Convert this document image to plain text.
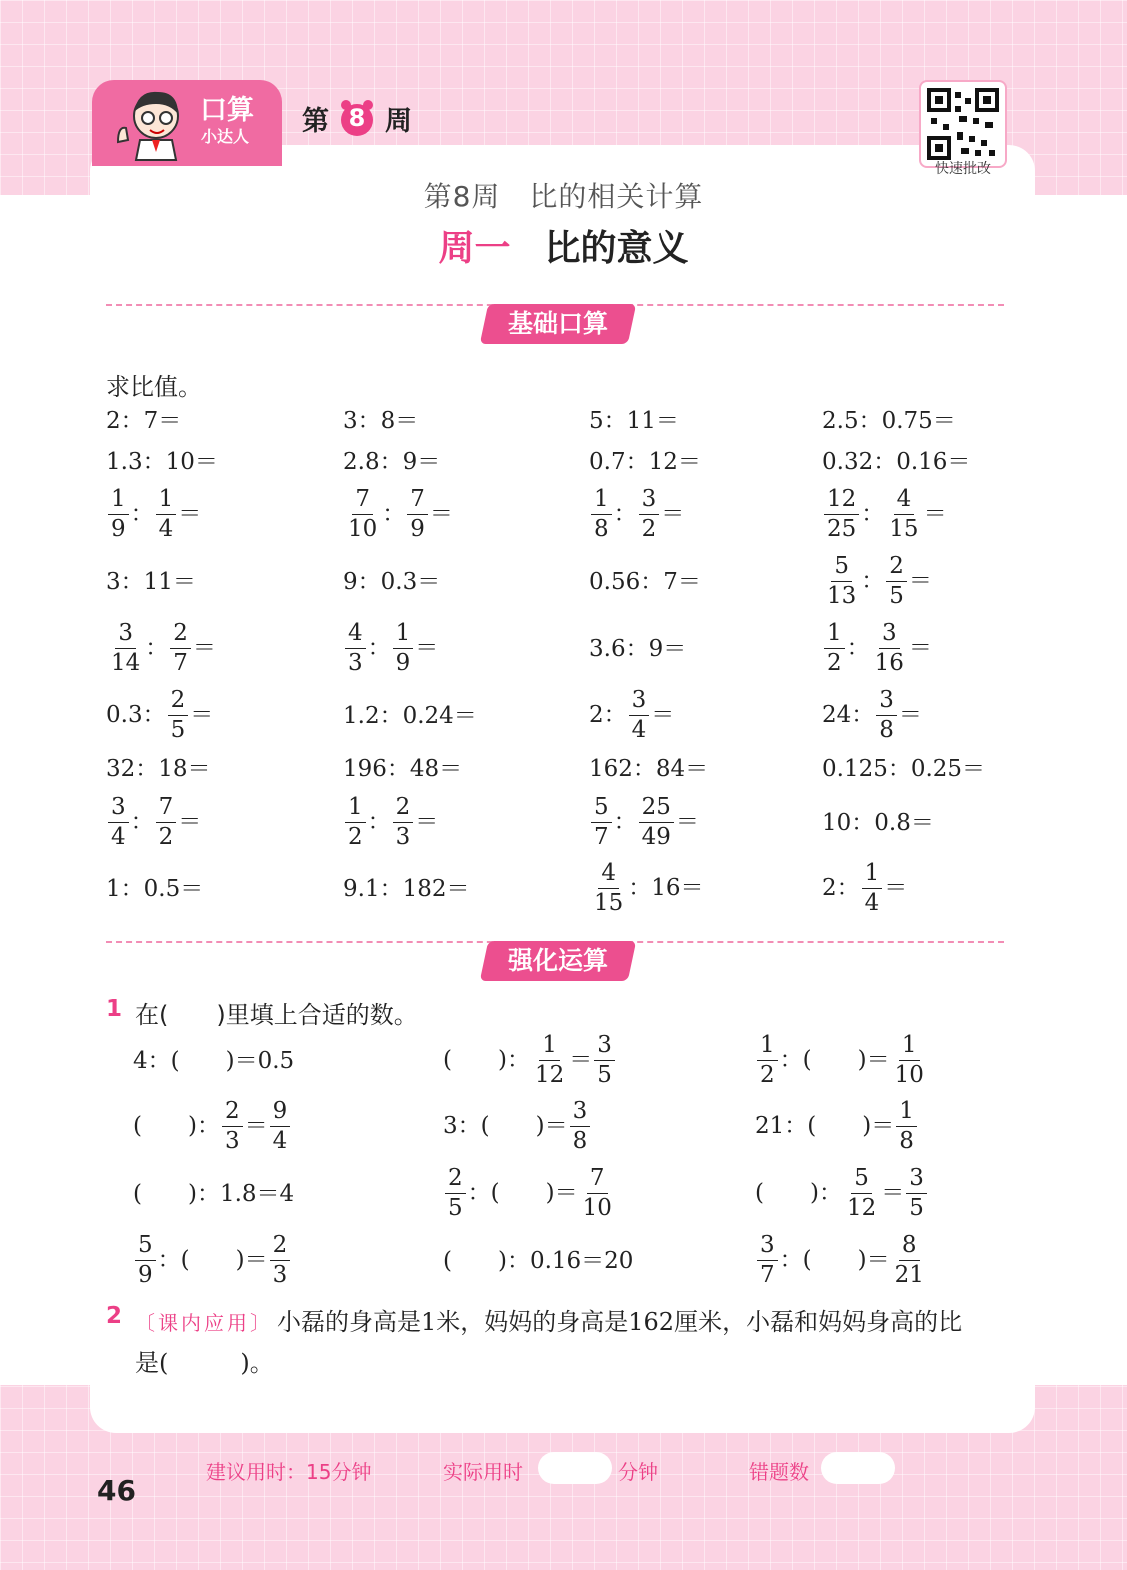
口算
小达人 第 8 周
快速批改
第8周　比的相关计算
周一 比的意义
基础口算
求比值。
2：7＝	3：8＝	5：11＝	2.5：0.75＝
1.3：10＝	2.8：9＝	0.7：12＝	0.32：0.16＝
$\frac{1}{9}$ ： $\frac{1}{4}$ ＝	$\frac{7}{10}$ ： $\frac{7}{9}$ ＝	$\frac{1}{8}$ ： $\frac{3}{2}$ ＝	$\frac{12}{25}$ ： $\frac{4}{15}$ ＝
3：11＝	9：0.3＝	0.56：7＝	$\frac{5}{13}$ ： $\frac{2}{5}$ ＝
$\frac{3}{14}$ ： $\frac{2}{7}$ ＝	$\frac{4}{3}$ ： $\frac{1}{9}$ ＝	3.6：9＝	$\frac{1}{2}$ ： $\frac{3}{16}$ ＝
0.3： $\frac{2}{5}$ ＝	1.2：0.24＝	2： $\frac{3}{4}$ ＝	24： $\frac{3}{8}$ ＝
32：18＝	196：48＝	162：84＝	0.125：0.25＝
$\frac{3}{4}$ ： $\frac{7}{2}$ ＝	$\frac{1}{2}$ ： $\frac{2}{3}$ ＝	$\frac{5}{7}$ ： $\frac{25}{49}$ ＝	10：0.8＝
1：0.5＝	9.1：182＝	$\frac{4}{15}$ ：16＝	2： $\frac{1}{4}$ ＝
强化运算
1 在(　　)里填上合适的数。
4：(　　)＝0.5	(　　)： $\frac{1}{12} = \frac{3}{5}$	$\frac{1}{2}$ ：(　　)＝ $\frac{1}{10}$
(　　)： $\frac{2}{3} = \frac{9}{4}$	3：(　　)＝ $\frac{3}{8}$	21：(　　)＝ $\frac{1}{8}$
(　　)：1.8＝4	$\frac{2}{5}$ ：(　　)＝ $\frac{7}{10}$	(　　)： $\frac{5}{12} = \frac{3}{5}$
$\frac{5}{9}$ ：(　　)＝ $\frac{2}{3}$	(　　)：0.16＝20	$\frac{3}{7}$ ：(　　)＝ $\frac{8}{21}$
2 〔课内应用〕 小磊的身高是1米，妈妈的身高是162厘米，小磊和妈妈身高的比
是(　　　)。
46
建议用时：15分钟	实际用时	分钟	错题数
